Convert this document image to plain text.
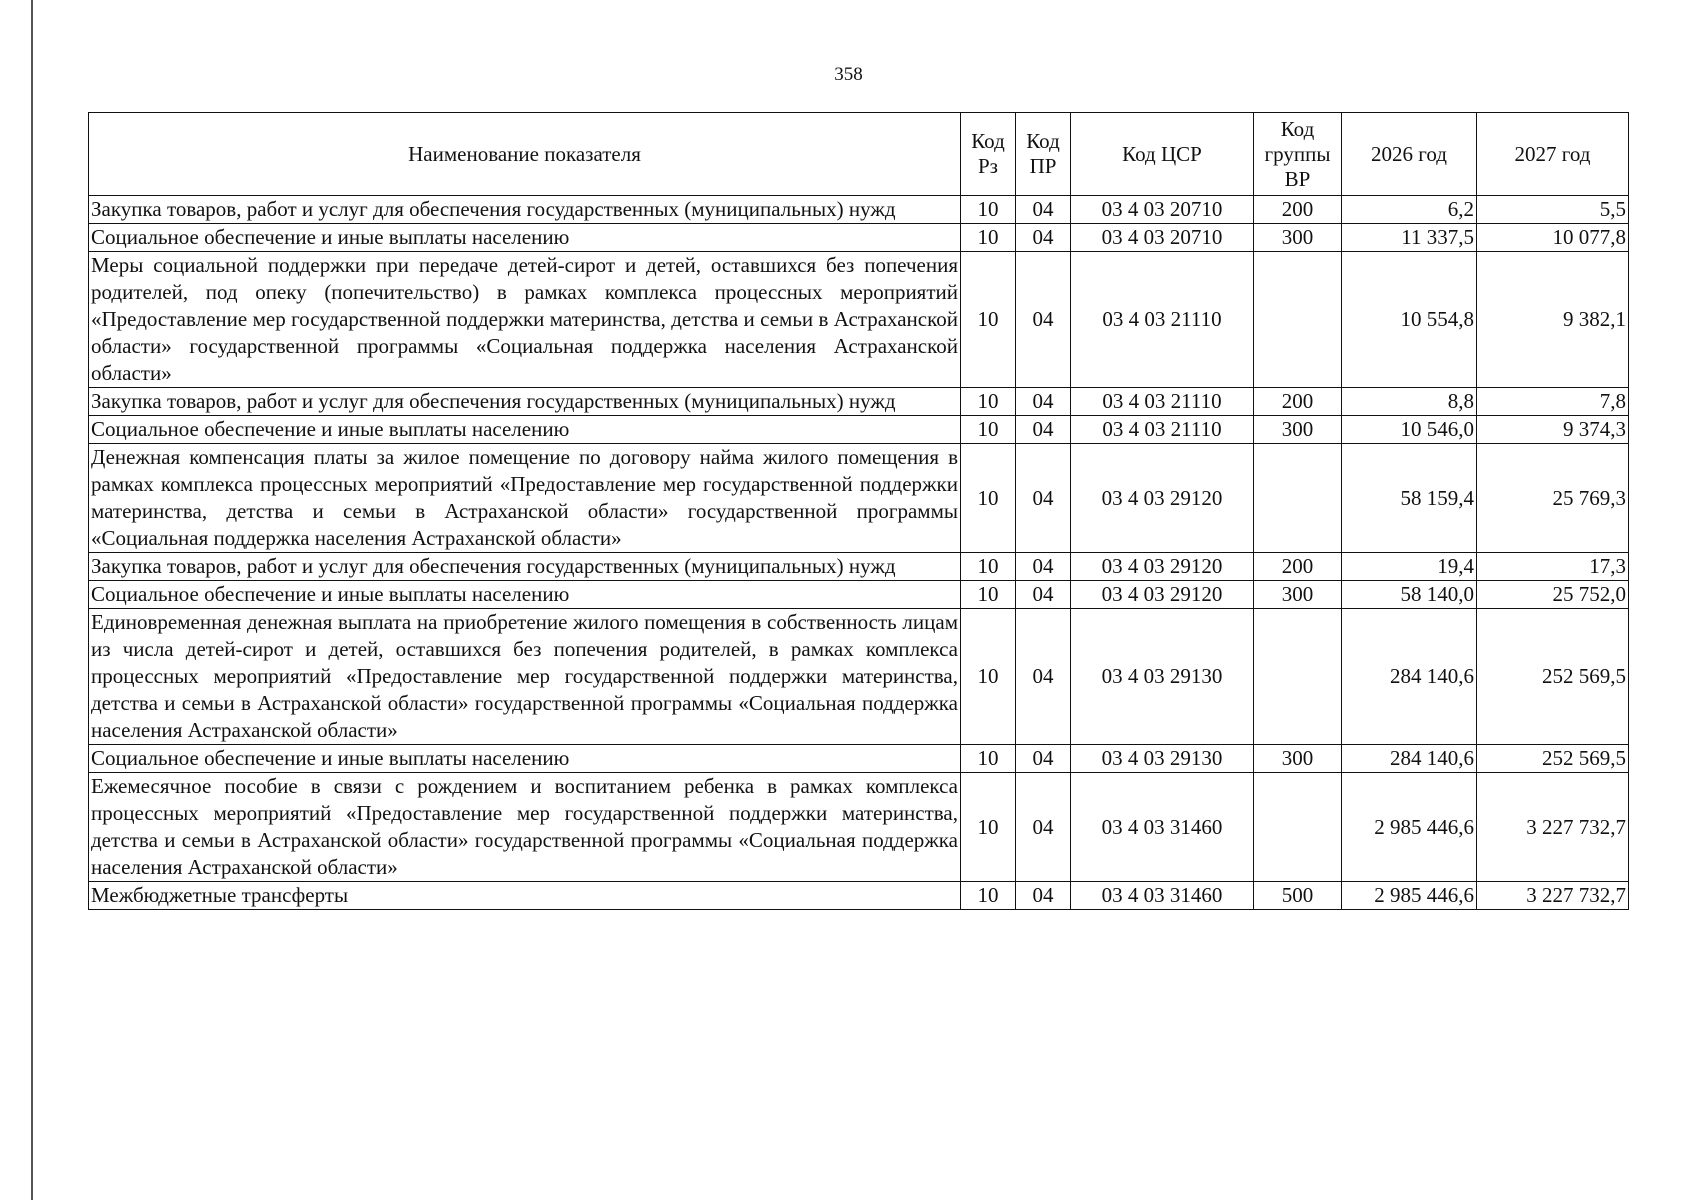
358
Наименование показателя	Код Рз	Код ПР	Код ЦСР	Код группы ВР	2026 год	2027 год
Закупка товаров, работ и услуг для обеспечения государственных (муниципальных) нужд	10	04	03 4 03 20710	200	6,2	5,5
Социальное обеспечение и иные выплаты населению	10	04	03 4 03 20710	300	11 337,5	10 077,8
Меры социальной поддержки при передаче детей-сирот и детей, оставшихся без попечения родителей, под опеку (попечительство) в рамках комплекса процессных мероприятий «Предоставление мер государственной поддержки материнства, детства и семьи в Астраханской области» государственной программы «Социальная поддержка населения Астраханской области»	10	04	03 4 03 21110		10 554,8	9 382,1
Закупка товаров, работ и услуг для обеспечения государственных (муниципальных) нужд	10	04	03 4 03 21110	200	8,8	7,8
Социальное обеспечение и иные выплаты населению	10	04	03 4 03 21110	300	10 546,0	9 374,3
Денежная компенсация платы за жилое помещение по договору найма жилого помещения в рамках комплекса процессных мероприятий «Предоставление мер государственной поддержки материнства, детства и семьи в Астраханской области» государственной программы «Социальная поддержка населения Астраханской области»	10	04	03 4 03 29120		58 159,4	25 769,3
Закупка товаров, работ и услуг для обеспечения государственных (муниципальных) нужд	10	04	03 4 03 29120	200	19,4	17,3
Социальное обеспечение и иные выплаты населению	10	04	03 4 03 29120	300	58 140,0	25 752,0
Единовременная денежная выплата на приобретение жилого помещения в собственность лицам из числа детей-сирот и детей, оставшихся без попечения родителей, в рамках комплекса процессных мероприятий «Предоставление мер государственной поддержки материнства, детства и семьи в Астраханской области» государственной программы «Социальная поддержка населения Астраханской области»	10	04	03 4 03 29130		284 140,6	252 569,5
Социальное обеспечение и иные выплаты населению	10	04	03 4 03 29130	300	284 140,6	252 569,5
Ежемесячное пособие в связи с рождением и воспитанием ребенка в рамках комплекса процессных мероприятий «Предоставление мер государственной поддержки материнства, детства и семьи в Астраханской области» государственной программы «Социальная поддержка населения Астраханской области»	10	04	03 4 03 31460		2 985 446,6	3 227 732,7
Межбюджетные трансферты	10	04	03 4 03 31460	500	2 985 446,6	3 227 732,7
